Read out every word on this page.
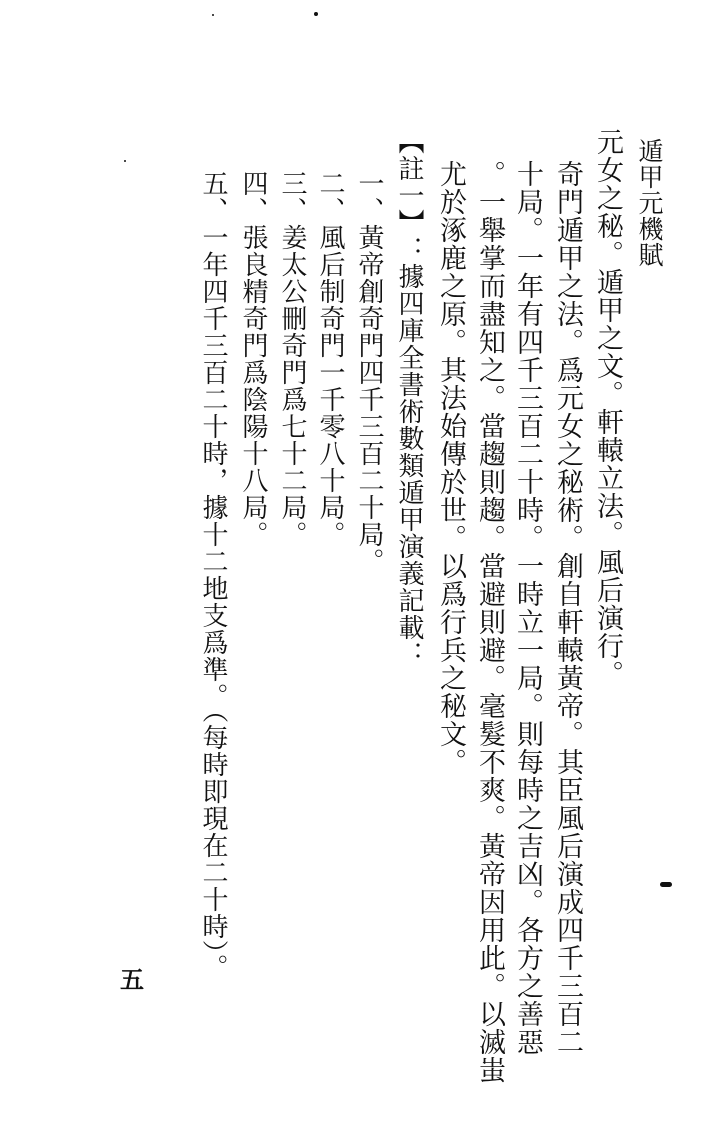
遁甲元機賦
元女之秘。遁甲之文。軒轅立法。風后演行。
奇門遁甲之法。爲元女之秘術。創自軒轅黃帝。其臣風后演成四千三百二
十局。一年有四千三百二十時。一時立一局。則每時之吉凶。各方之善惡
。一舉掌而盡知之。當趨則趨。當避則避。毫髮不爽。黃帝因用此。以滅蚩
尤於涿鹿之原。其法始傳於世。以爲行兵之秘文。
【註一】：據四庫全書術數類遁甲演義記載：
一、黃帝創奇門四千三百二十局。
二、風后制奇門一千零八十局。
三、姜太公刪奇門爲七十二局。
四、張良精奇門爲陰陽十八局。
五、一年四千三百二十時，據十二地支爲準。（每時即現在二十時）。
五
